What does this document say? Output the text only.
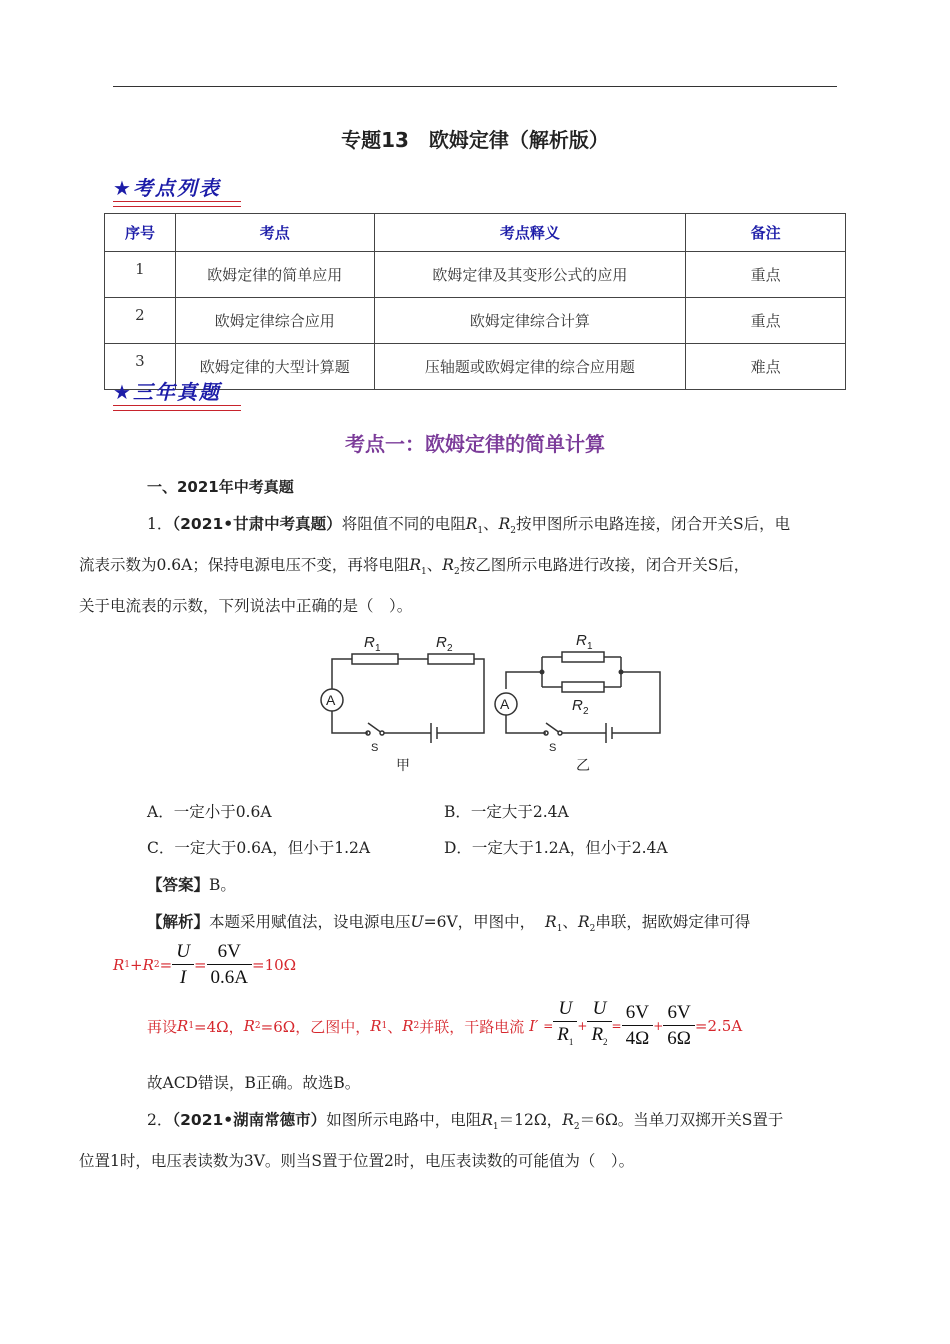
专题13　欧姆定律（解析版）
★考点列表
序号	考点	考点释义	备注
1	欧姆定律的简单应用	欧姆定律及其变形公式的应用	重点
2	欧姆定律综合应用	欧姆定律综合计算	重点
3	欧姆定律的大型计算题	压轴题或欧姆定律的综合应用题	难点
★三年真题
考点一：欧姆定律的简单计算
一、2021年中考真题
1．（2021•甘肃中考真题）将阻值不同的电阻$R_1$、$R_2$按甲图所示电路连接，闭合开关S后，电
流表示数为0.6A；保持电源电压不变，再将电阻$R_1$、$R_2$按乙图所示电路进行改接，闭合开关S后，
关于电流表的示数，下列说法中正确的是（　）。
R 1	R 2
A
S
甲
R 1
R 2
A
S
乙
A．一定小于0.6A	B．一定大于2.4A
C．一定大于0.6A，但小于1.2A	D．一定大于1.2A，但小于2.4A
【答案】B。
【解析】本题采用赋值法，设电源电压U=6V，甲图中， $R_1$、$R_2$串联，据欧姆定律可得
R 1 +R $2 = \frac{U}{I} = \frac{6V}{0.6A} =10\Omega$
再设 R 1 =4Ω， R 2 =6Ω，乙图中， R 1 、 R 2 并联，干路电流
I′
= $\frac{U}{R_1} + \frac{U}{R_2} = \frac{6V}{4\Omega} + \frac{6V}{6\Omega} =2.5A$
故ACD错误，B正确。故选B。
2．（2021•湖南常德市）如图所示电路中，电阻$R_1=12\Omega$，$R_2=6\Omega$。当单刀双掷开关S置于
位置1时，电压表读数为3V。则当S置于位置2时，电压表读数的可能值为（　）。
